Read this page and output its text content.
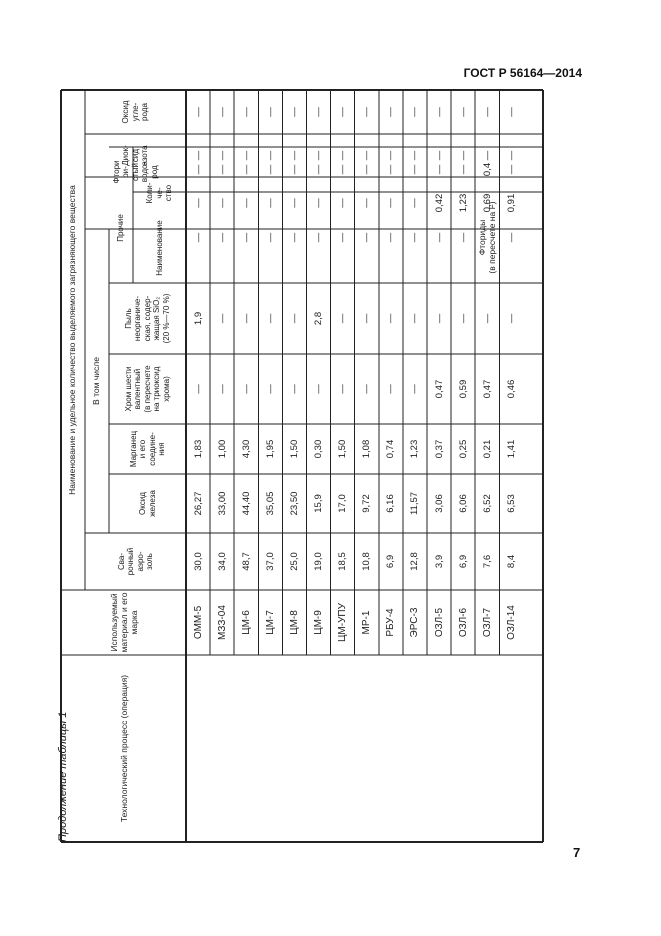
ГОСТ Р 56164—2014
Продолжение таблицы 1
7
Технологический процесс (операция)
Используемый материал и его марка
Наименование и удельное количество выделяемого загрязняющего вещества
Сва-
рочный
аэро-
золь
В том числе
Оксид
железа
Марганец
и его
соедине-
ния
Хром шести
валентный
(в пересчете
на триоксид
хрома)
Пыль
неорганиче-
ская, содер-
жащая SiO₂
(20 %—70 %)
Прочие	Наименование
Коли-
че-
ство
Фтори
ри-
стый
водо-
род
Диок-
сид
азота
Оксид
угле-
рода
ОММ-5
30,0
26,27
1,83
—
1,9
—
—
—
—
—
МЗЗ-04
34,0
33,00
1,00
—
—
—
—
—
—
—
ЦМ-6
48,7
44,40
4,30
—
—
—
—
—
—
—
ЦМ-7
37,0
35,05
1,95
—
—
—
—
—
—
—
ЦМ-8
25,0
23,50
1,50
—
—
—
—
—
—
—
ЦМ-9
19,0
15,9
0,30
—
2,8
—
—
—
—
—
ЦМ-УПУ
18,5
17,0
1,50
—
—
—
—
—
—
—
МР-1
10,8
9,72
1,08
—
—
—
—
—
—
—
РБУ-4
6,9
6,16
0,74
—
—
—
—
—
—
—
ЭРС-3
12,8
11,57
1,23
—
—
—
—
—
—
—
ОЗЛ-5
3,9
3,06
0,37
0,47
—
—
—
0,42
—
—
ОЗЛ-6
6,9
6,06
0,25
0,59
—
—
—
1,23
—
—
ОЗЛ-7
7,6
6,52
0,21
0,47
—
Фториды
(в пересчете на F)
0,4
0,69
—
—
ОЗЛ-14
8,4
6,53
1,41
0,46
—
—
—
0,91
—
—
